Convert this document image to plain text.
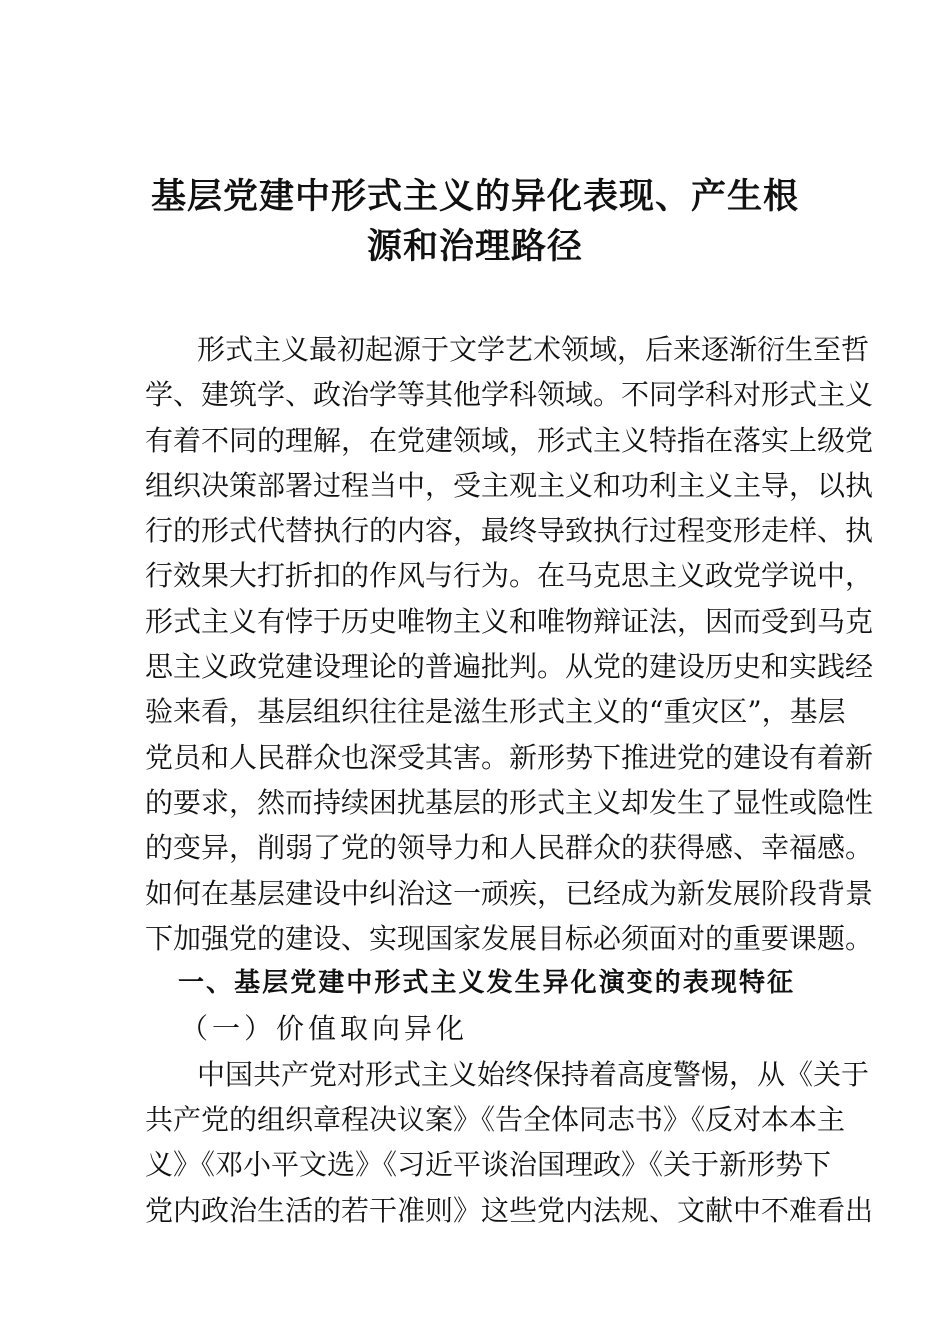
基层党建中形式主义的异化表现、产生根
源和治理路径
形式主义最初起源于文学艺术领域，后来逐渐衍生至哲
学、建筑学、政治学等其他学科领域。不同学科对形式主义
有着不同的理解，在党建领域，形式主义特指在落实上级党
组织决策部署过程当中，受主观主义和功利主义主导，以执
行的形式代替执行的内容，最终导致执行过程变形走样、执
行效果大打折扣的作风与行为。在马克思主义政党学说中，
形式主义有悖于历史唯物主义和唯物辩证法，因而受到马克
思主义政党建设理论的普遍批判。从党的建设历史和实践经
验来看，基层组织往往是滋生形式主义的“重灾区”，基层
党员和人民群众也深受其害。新形势下推进党的建设有着新
的要求，然而持续困扰基层的形式主义却发生了显性或隐性
的变异，削弱了党的领导力和人民群众的获得感、幸福感。
如何在基层建设中纠治这一顽疾，已经成为新发展阶段背景
下加强党的建设、实现国家发展目标必须面对的重要课题。
一、基层党建中形式主义发生异化演变的表现特征
（一）价值取向异化
中国共产党对形式主义始终保持着高度警惕，从《关于
共产党的组织章程决议案》《告全体同志书》《反对本本主
义》《邓小平文选》《习近平谈治国理政》《关于新形势下
党内政治生活的若干准则》这些党内法规、文献中不难看出
